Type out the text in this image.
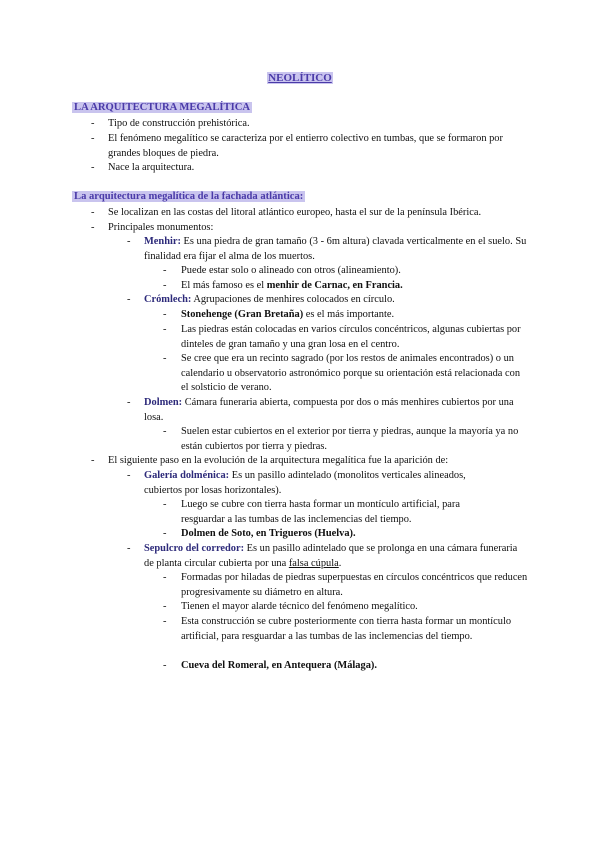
NEOLÍTICO
LA ARQUITECTURA MEGALÍTICA
- Tipo de construcción prehistórica.
- El fenómeno megalítico se caracteriza por el entierro colectivo en tumbas, que se formaron por grandes bloques de piedra.
- Nace la arquitectura.
La arquitectura megalítica de la fachada atlántica:
- Se localizan en las costas del litoral atlántico europeo, hasta el sur de la península Ibérica.
- Principales monumentos:
- Menhir: Es una piedra de gran tamaño (3 - 6m altura) clavada verticalmente en el suelo. Su finalidad era fijar el alma de los muertos.
- Puede estar solo o alineado con otros (alineamiento).
- El más famoso es el menhir de Carnac, en Francia.
- Crómlech: Agrupaciones de menhires colocados en círculo.
- Stonehenge (Gran Bretaña) es el más importante.
- Las piedras están colocadas en varios círculos concéntricos, algunas cubiertas por dinteles de gran tamaño y una gran losa en el centro.
- Se cree que era un recinto sagrado (por los restos de animales encontrados) o un calendario u observatorio astronómico porque su orientación está relacionada con el solsticio de verano.
- Dolmen: Cámara funeraria abierta, compuesta por dos o más menhires cubiertos por una losa.
- Suelen estar cubiertos en el exterior por tierra y piedras, aunque la mayoría ya no están cubiertos por tierra y piedras.
- El siguiente paso en la evolución de la arquitectura megalítica fue la aparición de:
- Galería dolménica: Es un pasillo adintelado (monolitos verticales alineados, cubiertos por losas horizontales).
- Luego se cubre con tierra hasta formar un montículo artificial, para resguardar a las tumbas de las inclemencias del tiempo.
- Dolmen de Soto, en Trigueros (Huelva).
- Sepulcro del corredor: Es un pasillo adintelado que se prolonga en una cámara funeraria de planta circular cubierta por una falsa cúpula.
- Formadas por hiladas de piedras superpuestas en círculos concéntricos que reducen progresivamente su diámetro en altura.
- Tienen el mayor alarde técnico del fenómeno megalítico.
- Esta construcción se cubre posteriormente con tierra hasta formar un montículo artificial, para resguardar a las tumbas de las inclemencias del tiempo.
- Cueva del Romeral, en Antequera (Málaga).
